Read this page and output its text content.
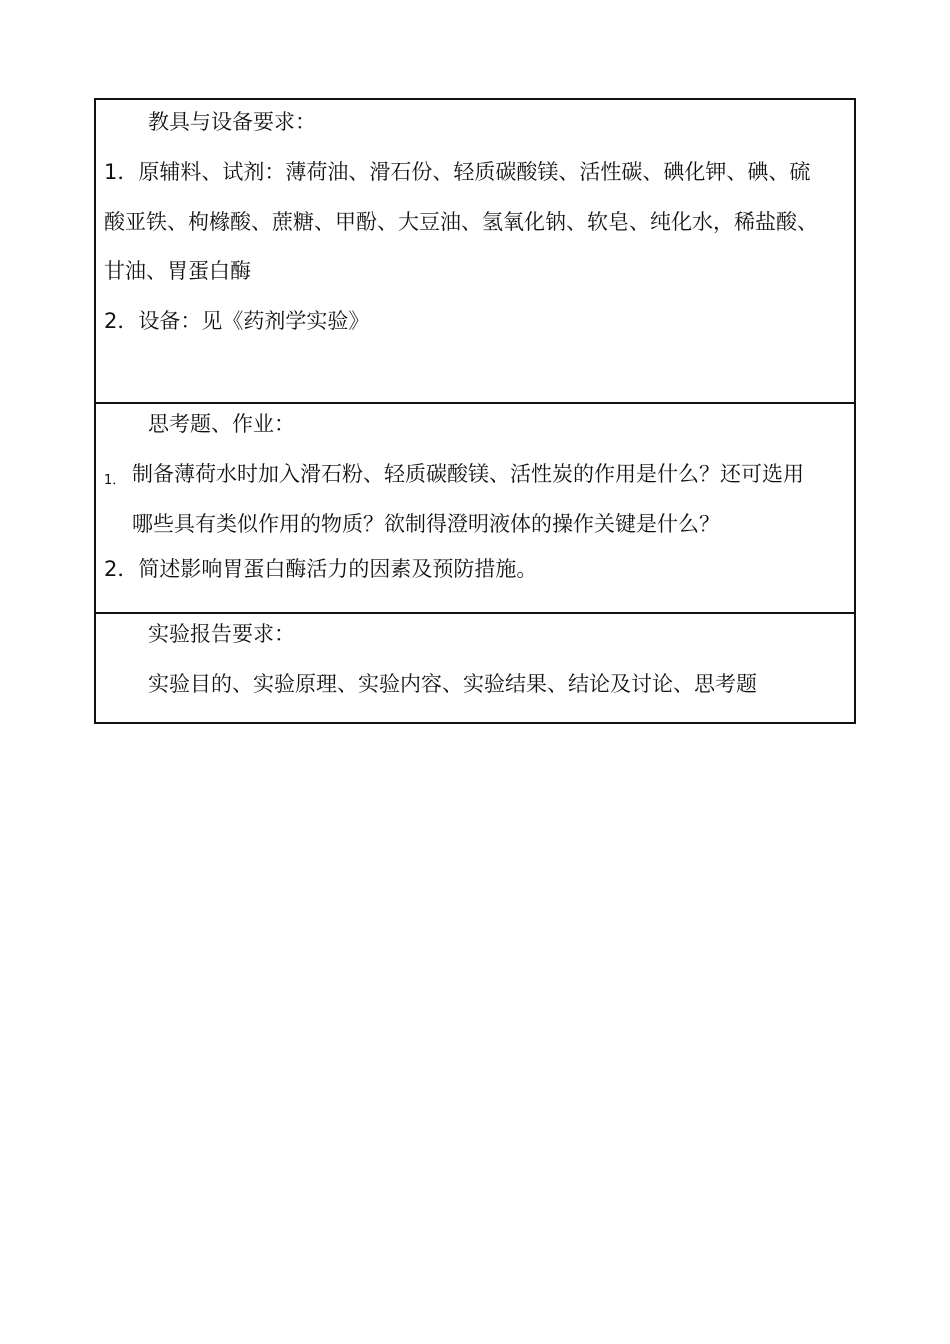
教具与设备要求：
1．原辅料、试剂：薄荷油、滑石份、轻质碳酸镁、活性碳、碘化钾、碘、硫
酸亚铁、枸橼酸、蔗糖、甲酚、大豆油、氢氧化钠、软皂、纯化水，稀盐酸、
甘油、胃蛋白酶
2．设备：见《药剂学实验》
思考题、作业：
1． 制备薄荷水时加入滑石粉、轻质碳酸镁、活性炭的作用是什么？还可选用
哪些具有类似作用的物质？欲制得澄明液体的操作关键是什么？
2．简述影响胃蛋白酶活力的因素及预防措施。
实验报告要求：
实验目的、实验原理、实验内容、实验结果、结论及讨论、思考题
